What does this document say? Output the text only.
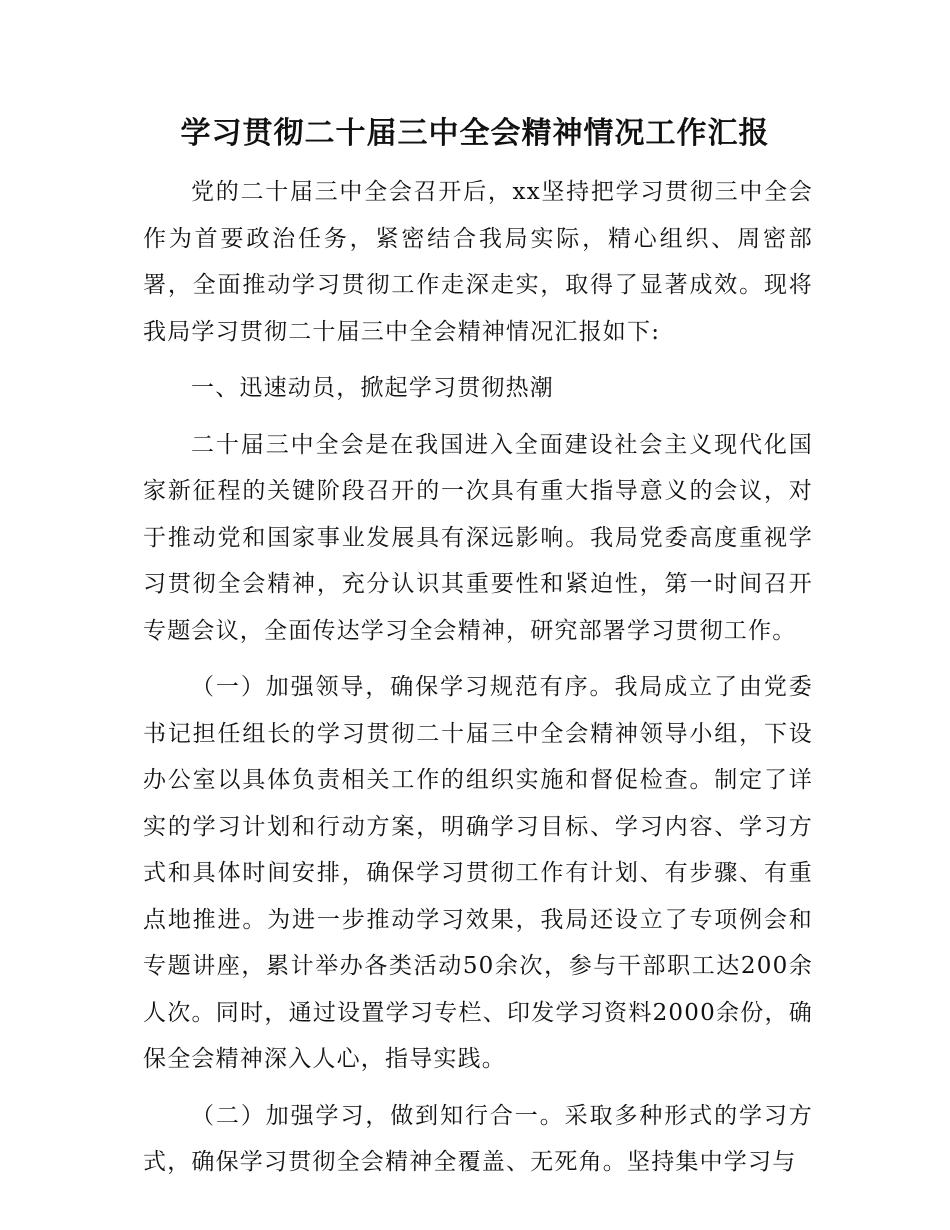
学习贯彻二十届三中全会精神情况工作汇报

党的二十届三中全会召开后，xx坚持把学习贯彻三中全会作为首要政治任务，紧密结合我局实际，精心组织、周密部署，全面推动学习贯彻工作走深走实，取得了显著成效。现将我局学习贯彻二十届三中全会精神情况汇报如下:

一、迅速动员，掀起学习贯彻热潮

二十届三中全会是在我国进入全面建设社会主义现代化国家新征程的关键阶段召开的一次具有重大指导意义的会议，对于推动党和国家事业发展具有深远影响。我局党委高度重视学习贯彻全会精神，充分认识其重要性和紧迫性，第一时间召开专题会议，全面传达学习全会精神，研究部署学习贯彻工作。

（一）加强领导，确保学习规范有序。我局成立了由党委书记担任组长的学习贯彻二十届三中全会精神领导小组，下设办公室以具体负责相关工作的组织实施和督促检查。制定了详实的学习计划和行动方案，明确学习目标、学习内容、学习方式和具体时间安排，确保学习贯彻工作有计划、有步骤、有重点地推进。为进一步推动学习效果，我局还设立了专项例会和专题讲座，累计举办各类活动50余次，参与干部职工达200余人次。同时，通过设置学习专栏、印发学习资料2000余份，确保全会精神深入人心，指导实践。

（二）加强学习，做到知行合一。采取多种形式的学习方式，确保学习贯彻全会精神全覆盖、无死角。坚持集中学习与
